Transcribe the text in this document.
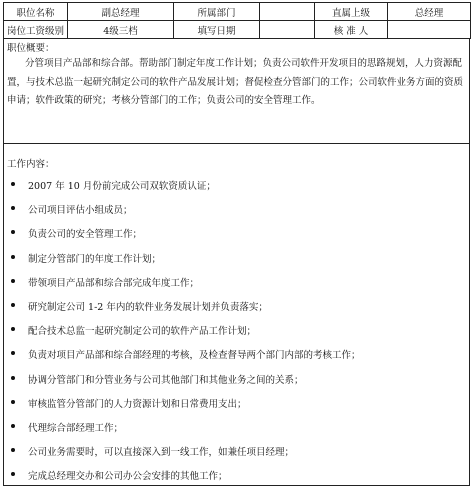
职位名称	副总经理	所属部门		直属上级	总经理
岗位工资级别	4级三档	填写日期		核 准 人	
职位概要：
分管项目产品部和综合部。帮助部门制定年度工作计划；负责公司软件开发项目的思路规划，人力资源配置，与技术总监一起研究制定公司的软件产品发展计划；督促检查分管部门的工作；公司软件业务方面的资质申请；软件政策的研究；考核分管部门的工作；负责公司的安全管理工作。
工作内容：
2007 年 10 月份前完成公司双软资质认证；
公司项目评估小组成员；
负责公司的安全管理工作；
制定分管部门的年度工作计划；
带领项目产品部和综合部完成年度工作；
研究制定公司 1-2 年内的软件业务发展计划并负责落实；
配合技术总监一起研究制定公司的软件产品工作计划；
负责对项目产品部和综合部经理的考核，及检查督导两个部门内部的考核工作；
协调分管部门和分管业务与公司其他部门和其他业务之间的关系；
审核监管分管部门的人力资源计划和日常费用支出；
代理综合部经理工作；
公司业务需要时，可以直接深入到一线工作，如兼任项目经理；
完成总经理交办和公司办公会安排的其他工作；
